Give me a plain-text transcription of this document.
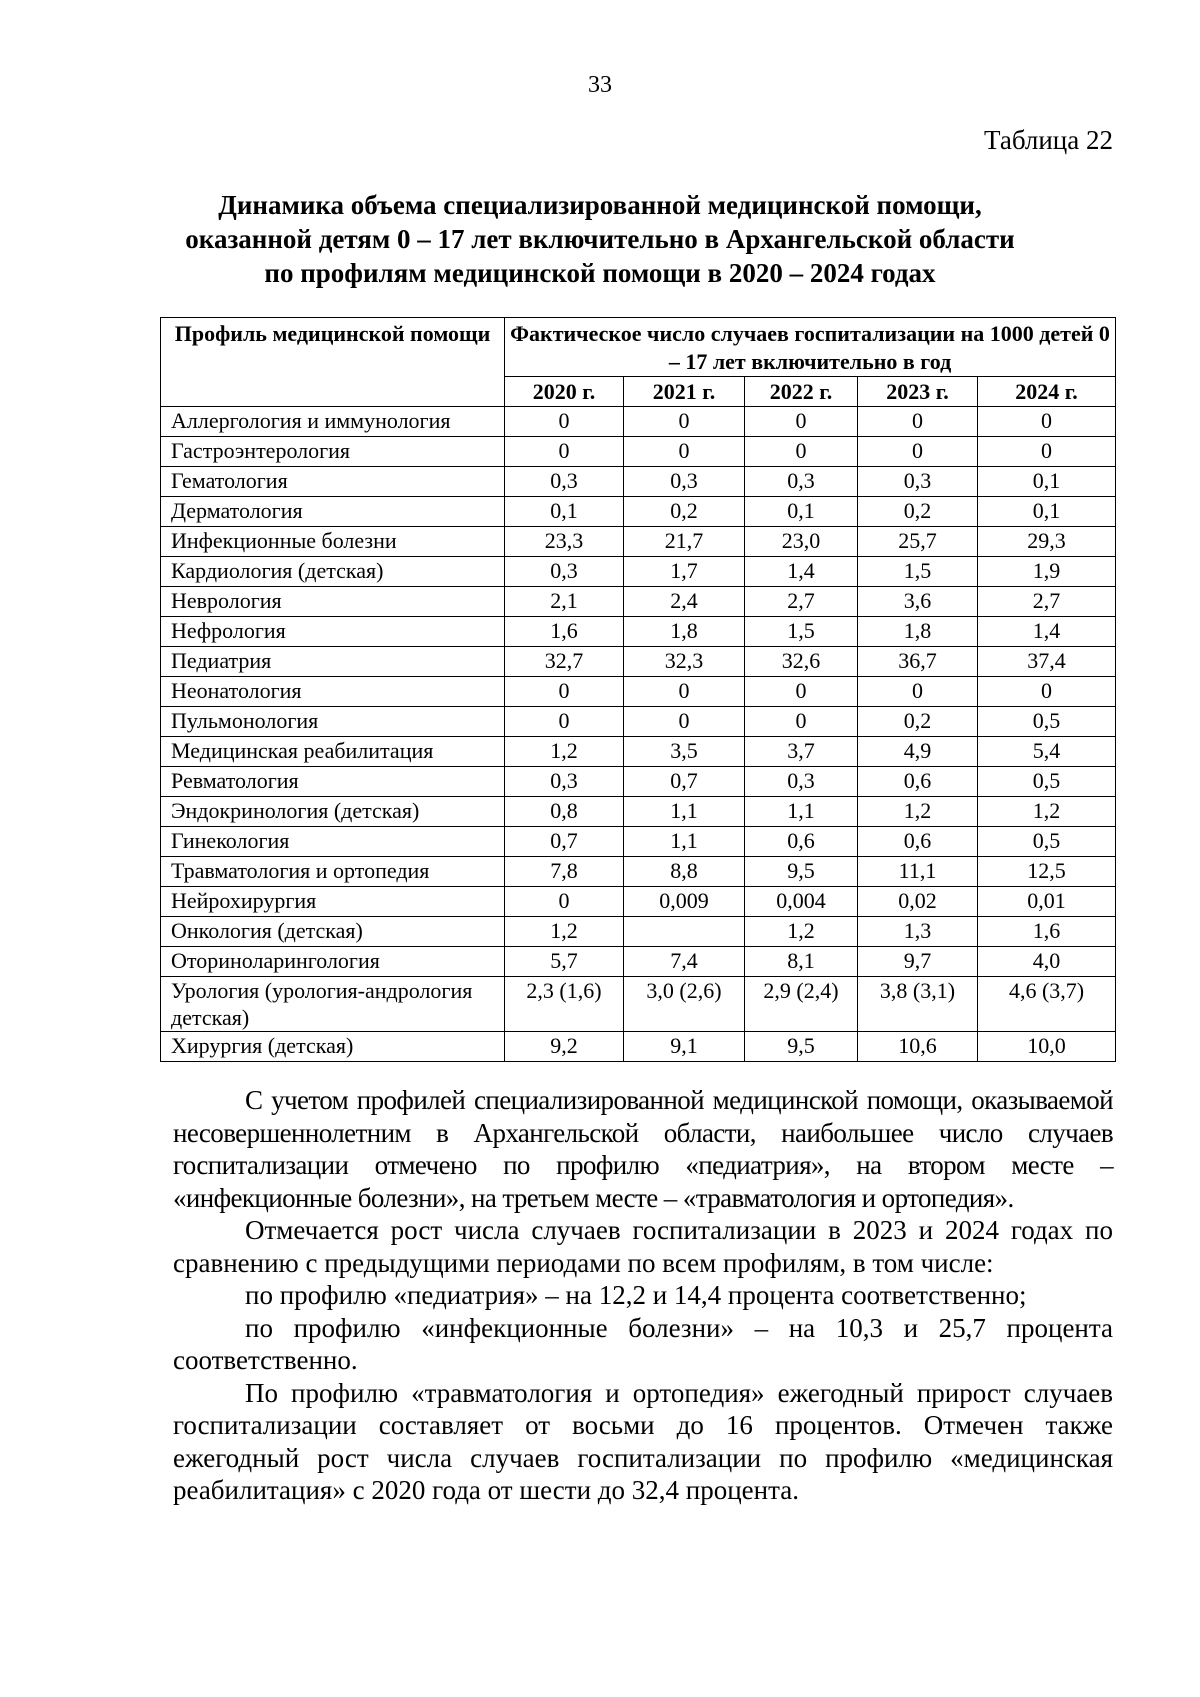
33
Таблица 22
Динамика объема специализированной медицинской помощи,
оказанной детям 0 – 17 лет включительно в Архангельской области
по профилям медицинской помощи в 2020 – 2024 годах
Профиль медицинской помощи	Фактическое число случаев госпитализации на 1000 детей 0 – 17 лет включительно в год				
	2020 г.	2021 г.	2022 г.	2023 г.	2024 г.
Аллергология и иммунология	0	0	0	0	0
Гастроэнтерология	0	0	0	0	0
Гематология	0,3	0,3	0,3	0,3	0,1
Дерматология	0,1	0,2	0,1	0,2	0,1
Инфекционные болезни	23,3	21,7	23,0	25,7	29,3
Кардиология (детская)	0,3	1,7	1,4	1,5	1,9
Неврология	2,1	2,4	2,7	3,6	2,7
Нефрология	1,6	1,8	1,5	1,8	1,4
Педиатрия	32,7	32,3	32,6	36,7	37,4
Неонатология	0	0	0	0	0
Пульмонология	0	0	0	0,2	0,5
Медицинская реабилитация	1,2	3,5	3,7	4,9	5,4
Ревматология	0,3	0,7	0,3	0,6	0,5
Эндокринология (детская)	0,8	1,1	1,1	1,2	1,2
Гинекология	0,7	1,1	0,6	0,6	0,5
Травматология и ортопедия	7,8	8,8	9,5	11,1	12,5
Нейрохирургия	0	0,009	0,004	0,02	0,01
Онкология (детская)	1,2		1,2	1,3	1,6
Оториноларингология	5,7	7,4	8,1	9,7	4,0
Урология (урология-андрология детская)	2,3 (1,6)	3,0 (2,6)	2,9 (2,4)	3,8 (3,1)	4,6 (3,7)
Хирургия (детская)	9,2	9,1	9,5	10,6	10,0

С учетом профилей специализированной медицинской помощи, оказываемой несовершеннолетним в Архангельской области, наибольшее число случаев госпитализации отмечено по профилю «педиатрия», на втором месте – «инфекционные болезни», на третьем месте – «травматология и ортопедия».

Отмечается рост числа случаев госпитализации в 2023 и 2024 годах по сравнению с предыдущими периодами по всем профилям, в том числе:

по профилю «педиатрия» – на 12,2 и 14,4 процента соответственно;

по профилю «инфекционные болезни» – на 10,3 и 25,7 процента соответственно.

По профилю «травматология и ортопедия» ежегодный прирост случаев госпитализации составляет от восьми до 16 процентов. Отмечен также ежегодный рост числа случаев госпитализации по профилю «медицинская реабилитация» с 2020 года от шести до 32,4 процента.
